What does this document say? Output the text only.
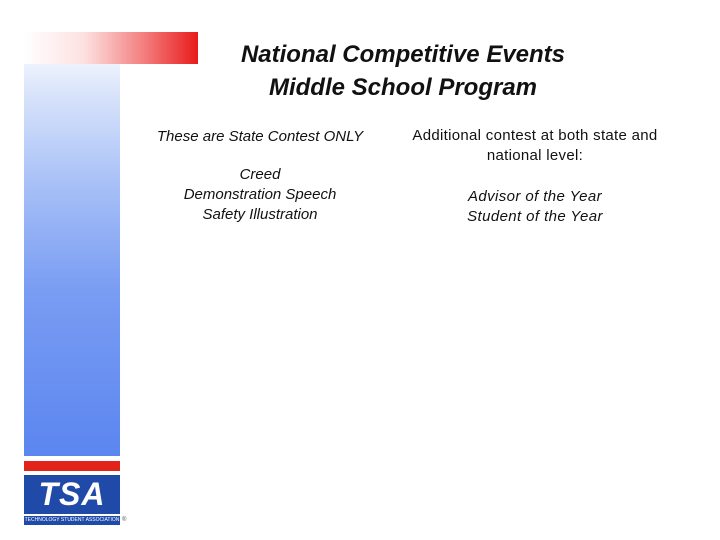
National Competitive Events
Middle School Program
These are State Contest ONLY
Creed
Demonstration Speech
Safety Illustration
Additional contest at both state and national level:
Advisor of the Year
Student of the Year
TSA
TECHNOLOGY STUDENT ASSOCIATION ®
